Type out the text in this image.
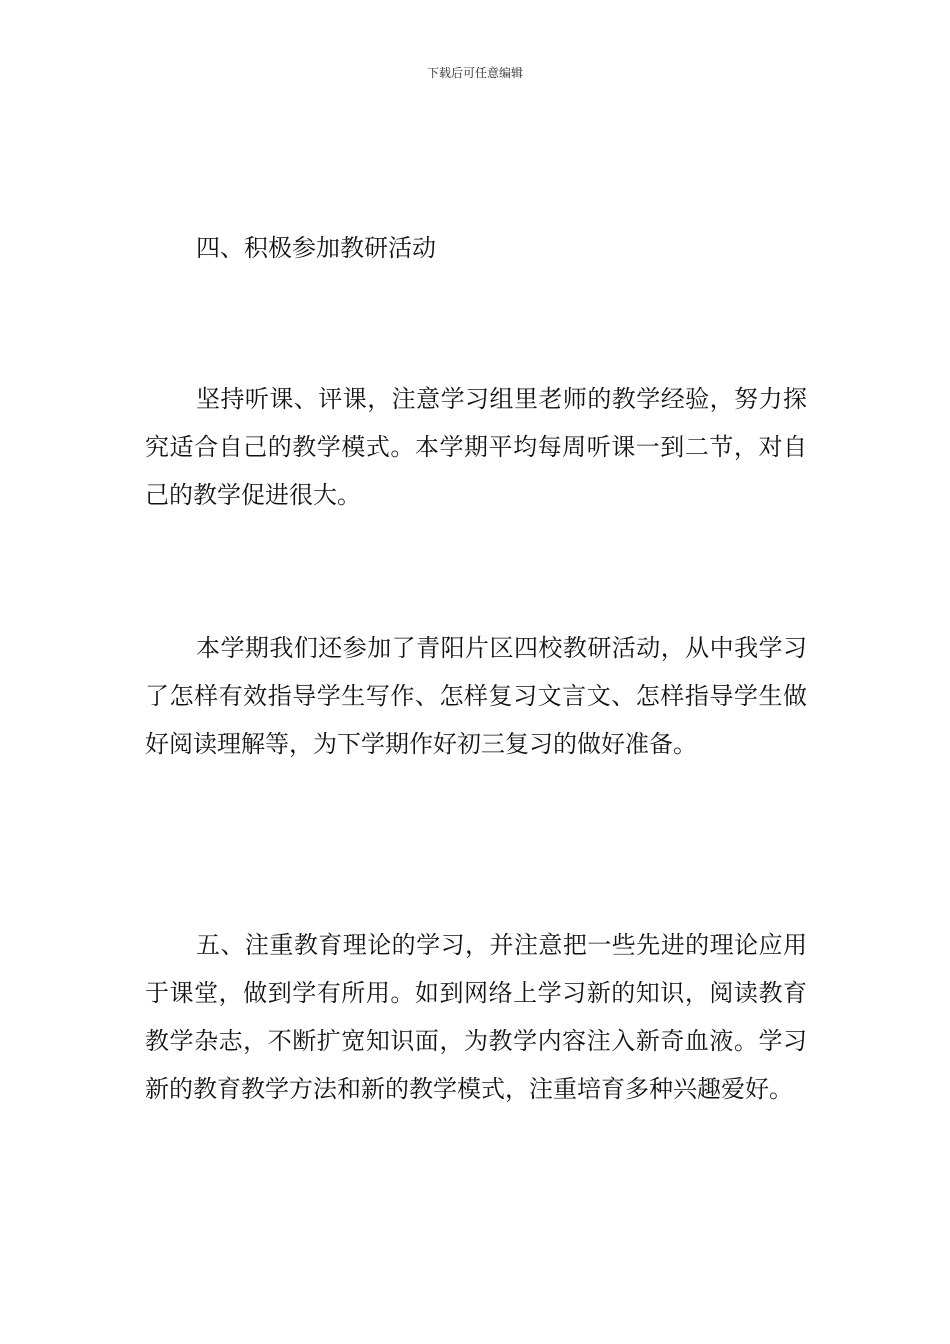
下载后可任意编辑
四、积极参加教研活动

坚持听课、评课，注意学习组里老师的教学经验，努力探究适合自己的教学模式。本学期平均每周听课一到二节，对自己的教学促进很大。

本学期我们还参加了青阳片区四校教研活动，从中我学习了怎样有效指导学生写作、怎样复习文言文、怎样指导学生做好阅读理解等，为下学期作好初三复习的做好准备。

五、注重教育理论的学习，并注意把一些先进的理论应用于课堂，做到学有所用。如到网络上学习新的知识，阅读教育教学杂志，不断扩宽知识面，为教学内容注入新奇血液。学习新的教育教学方法和新的教学模式，注重培育多种兴趣爱好。
